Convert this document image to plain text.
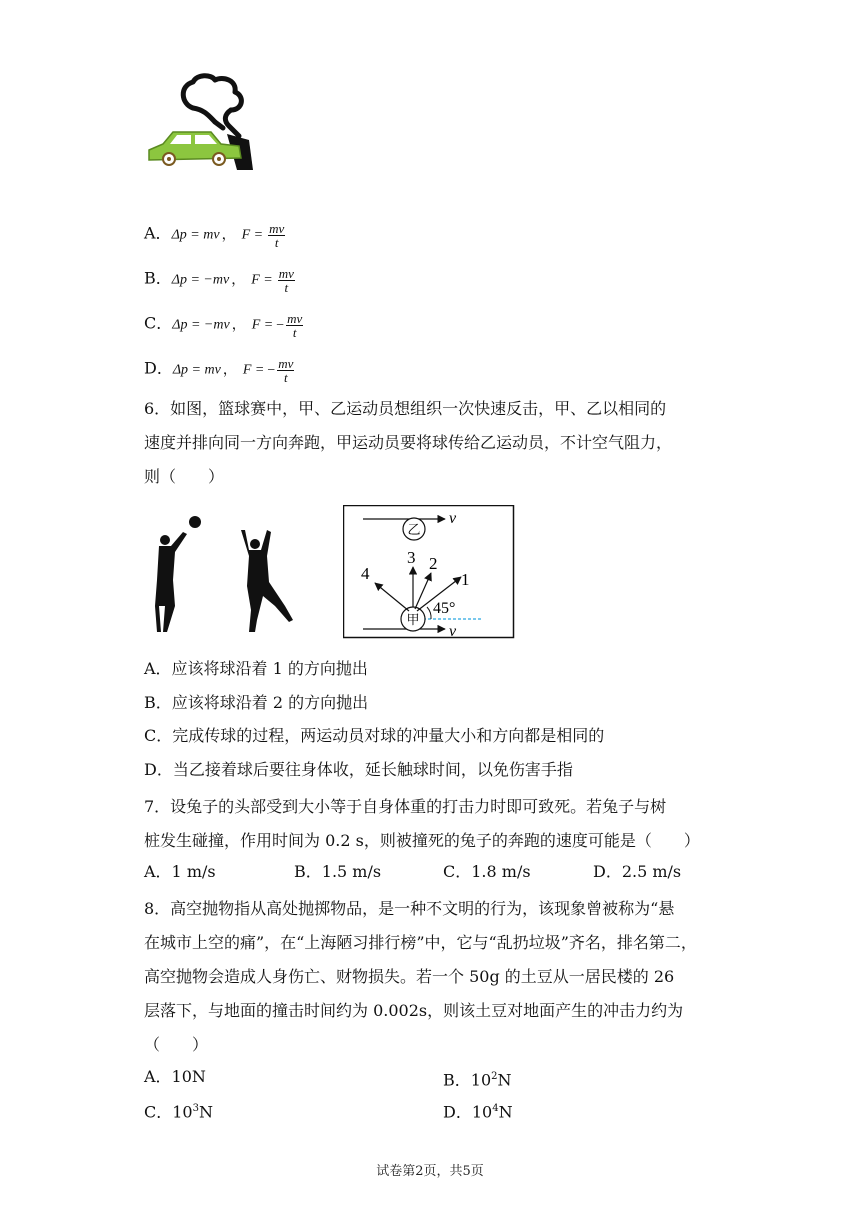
A．Δp = mv ， $F = \frac{mv}{t}$
B．Δp = −mv ， $F = \frac{mv}{t}$
C．Δp = −mv ， F = − $\frac{mv}{t}$
D．Δp = mv ， F = − $\frac{mv}{t}$
6．如图，篮球赛中，甲、乙运动员想组织一次快速反击，甲、乙以相同的
速度并排向同一方向奔跑，甲运动员要将球传给乙运动员，不计空气阻力，
则（　　）
乙
v
甲
v
1
2
3
4
45°
A．应该将球沿着 1 的方向抛出
B．应该将球沿着 2 的方向抛出
C．完成传球的过程，两运动员对球的冲量大小和方向都是相同的
D．当乙接着球后要往身体收，延长触球时间，以免伤害手指
7．设兔子的头部受到大小等于自身体重的打击力时即可致死。若兔子与树
桩发生碰撞，作用时间为 0.2 s，则被撞死的兔子的奔跑的速度可能是（　　）
A．1 m/s	B．1.5 m/s	C．1.8 m/s	D．2.5 m/s
8．高空抛物指从高处抛掷物品，是一种不文明的行为，该现象曾被称为“悬
在城市上空的痛”，在“上海陋习排行榜”中，它与“乱扔垃圾”齐名，排名第二，
高空抛物会造成人身伤亡、财物损失。若一个 50g 的土豆从一居民楼的 26
层落下，与地面的撞击时间约为 0.002s，则该土豆对地面产生的冲击力约为
（　　）
A．10N	B．$10^2N$
C．$10^3N$	D．$10^4N$
试卷第2页，共5页
